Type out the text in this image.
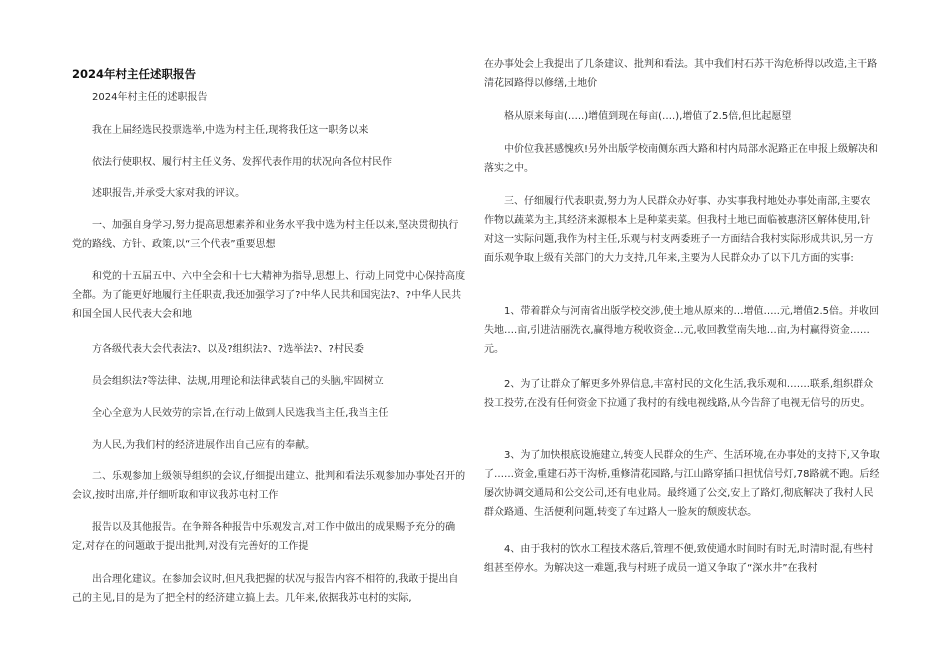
2024年村主任述职报告

2024年村主任的述职报告

我在上届经选民投票选举,中选为村主任,现将我任这一职务以来

依法行使职权、履行村主任义务、发挥代表作用的状况向各位村民作

述职报告,并承受大家对我的评议。

一、加强自身学习,努力提高思想素养和业务水平我中选为村主任以来,坚决贯彻执行党的路线、方针、政策,以“三个代表”重要思想

和党的十五届五中、六中全会和十七大精神为指导,思想上、行动上同党中心保持高度全都。为了能更好地履行主任职责,我还加强学习了?中华人民共和国宪法?、?中华人民共和国全国人民代表大会和地

方各级代表大会代表法?、以及?组织法?、?选举法?、?村民委

员会组织法?等法律、法规,用理论和法律武装自己的头脑,牢固树立

全心全意为人民效劳的宗旨,在行动上做到人民选我当主任,我当主任

为人民,为我们村的经济进展作出自己应有的奉献。

二、乐观参加上级领导组织的会议,仔细提出建立、批判和看法乐观参加办事处召开的会议,按时出席,并仔细听取和审议我苏屯村工作

报告以及其他报告。在争辩各种报告中乐观发言,对工作中做出的成果赐予充分的确定,对存在的问题敢于提出批判,对没有完善好的工作提

出合理化建议。在参加会议时,但凡我把握的状况与报告内容不相符的,我敢于提出自己的主见,目的是为了把全村的经济建立搞上去。几年来,依据我苏屯村的实际,

在办事处会上我提出了几条建议、批判和看法。其中我们村石苏干沟危桥得以改造,主干路清花园路得以修缮,土地价

格从原来每亩(…..)增值到现在每亩(….),增值了2.5倍,但比起愿望

中价位我甚感愧疚!另外出版学校南侧东西大路和村内局部水泥路正在申报上级解决和落实之中。

三、仔细履行代表职责,努力为人民群众办好事、办实事我村地处办事处南部,主要农作物以蔬菜为主,其经济来源根本上是种菜卖菜。但我村土地已面临被惠济区解体使用,针对这一实际问题,我作为村主任,乐观与村支两委班子一方面结合我村实际形成共识,另一方面乐观争取上级有关部门的大力支持,几年来,主要为人民群众办了以下几方面的实事:

1、带着群众与河南省出版学校交涉,使土地从原来的…增值…..元,增值2.5倍。并收回失地….亩,引进洁丽洗衣,赢得地方税收资金…元,收回教堂南失地…亩,为村赢得资金……元。

2、为了让群众了解更多外界信息,丰富村民的文化生活,我乐观和…….联系,组织群众投工投劳,在没有任何资金下拉通了我村的有线电视线路,从今告辞了电视无信号的历史。

3、为了加快根底设施建立,转变人民群众的生产、生活环境,在办事处的支持下,又争取了……资金,重建石苏干沟桥,重修清花园路,与江山路穿插口担忧信号灯,78路就不跑。后经屡次协调交通局和公交公司,还有电业局。最终通了公交,安上了路灯,彻底解决了我村人民群众路通、生活便利问题,转变了车过路人一脸灰的颓废状态。

4、由于我村的饮水工程技术落后,管理不便,致使通水时间时有时无,时清时混,有些村组甚至停水。为解决这一难题,我与村班子成员一道又争取了“深水井”在我村
